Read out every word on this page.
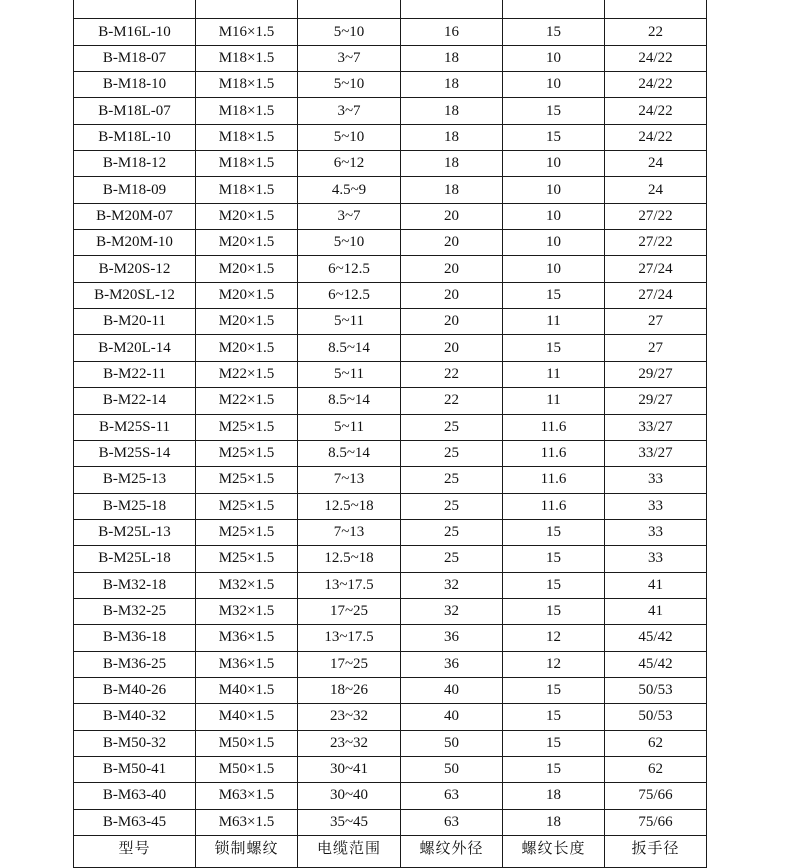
B-M16L-10	M16×1.5	5~10	16	15	22
B-M18-07	M18×1.5	3~7	18	10	24/22
B-M18-10	M18×1.5	5~10	18	10	24/22
B-M18L-07	M18×1.5	3~7	18	15	24/22
B-M18L-10	M18×1.5	5~10	18	15	24/22
B-M18-12	M18×1.5	6~12	18	10	24
B-M18-09	M18×1.5	4.5~9	18	10	24
B-M20M-07	M20×1.5	3~7	20	10	27/22
B-M20M-10	M20×1.5	5~10	20	10	27/22
B-M20S-12	M20×1.5	6~12.5	20	10	27/24
B-M20SL-12	M20×1.5	6~12.5	20	15	27/24
B-M20-11	M20×1.5	5~11	20	11	27
B-M20L-14	M20×1.5	8.5~14	20	15	27
B-M22-11	M22×1.5	5~11	22	11	29/27
B-M22-14	M22×1.5	8.5~14	22	11	29/27
B-M25S-11	M25×1.5	5~11	25	11.6	33/27
B-M25S-14	M25×1.5	8.5~14	25	11.6	33/27
B-M25-13	M25×1.5	7~13	25	11.6	33
B-M25-18	M25×1.5	12.5~18	25	11.6	33
B-M25L-13	M25×1.5	7~13	25	15	33
B-M25L-18	M25×1.5	12.5~18	25	15	33
B-M32-18	M32×1.5	13~17.5	32	15	41
B-M32-25	M32×1.5	17~25	32	15	41
B-M36-18	M36×1.5	13~17.5	36	12	45/42
B-M36-25	M36×1.5	17~25	36	12	45/42
B-M40-26	M40×1.5	18~26	40	15	50/53
B-M40-32	M40×1.5	23~32	40	15	50/53
B-M50-32	M50×1.5	23~32	50	15	62
B-M50-41	M50×1.5	30~41	50	15	62
B-M63-40	M63×1.5	30~40	63	18	75/66
B-M63-45	M63×1.5	35~45	63	18	75/66
型号	锁制螺纹	电缆范围	螺纹外径	螺纹长度	扳手径
